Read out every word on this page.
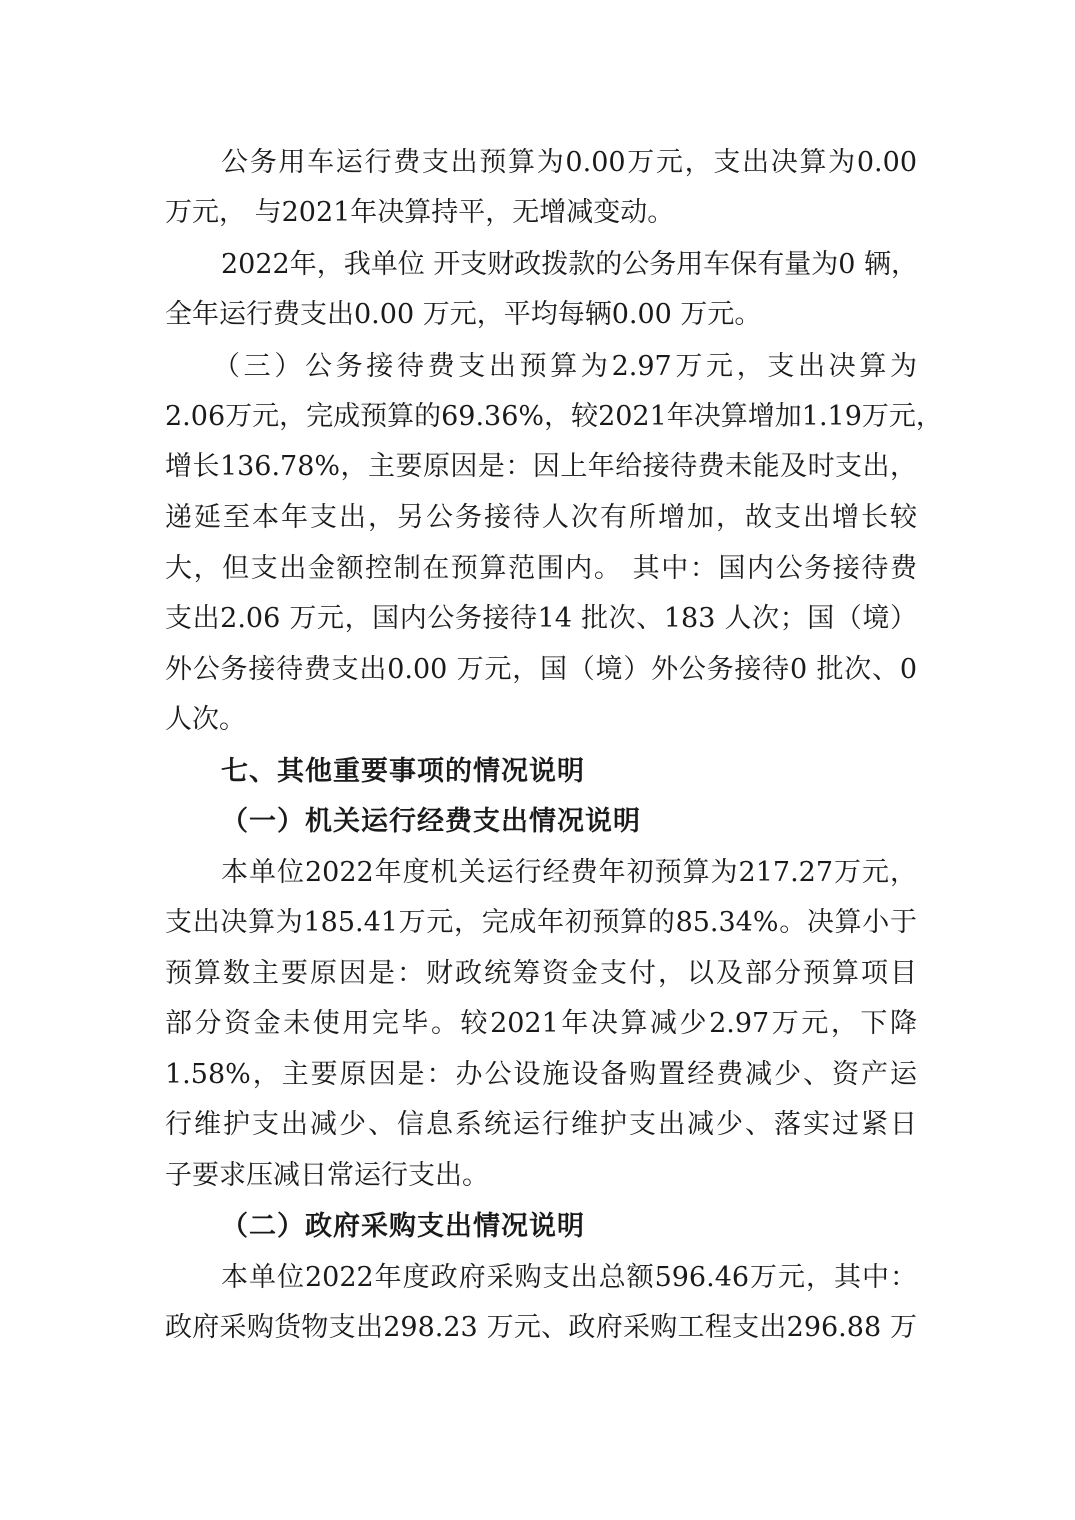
公务用车运行费支出预算为0.00万元，支出决算为0.00
万元， 与2021年决算持平，无增减变动。
2022年，我单位 开支财政拨款的公务用车保有量为0 辆，
全年运行费支出0.00 万元，平均每辆0.00 万元。
（三）公务接待费支出预算为2.97万元，支出决算为
2.06万元，完成预算的69.36%，较2021年决算增加1.19万元，
增长136.78%，主要原因是：因上年给接待费未能及时支出，
递延至本年支出，另公务接待人次有所增加，故支出增长较
大，但支出金额控制在预算范围内。 其中：国内公务接待费
支出2.06 万元，国内公务接待14 批次、183 人次；国（境）
外公务接待费支出0.00 万元，国（境）外公务接待0 批次、0
人次。
七、其他重要事项的情况说明
（一）机关运行经费支出情况说明
本单位2022年度机关运行经费年初预算为217.27万元，
支出决算为185.41万元，完成年初预算的85.34%。决算小于
预算数主要原因是：财政统筹资金支付，以及部分预算项目
部分资金未使用完毕。较2021年决算减少2.97万元，下降
1.58%，主要原因是：办公设施设备购置经费减少、资产运
行维护支出减少、信息系统运行维护支出减少、落实过紧日
子要求压减日常运行支出。
（二）政府采购支出情况说明
本单位2022年度政府采购支出总额596.46万元，其中：
政府采购货物支出298.23 万元、政府采购工程支出296.88 万
